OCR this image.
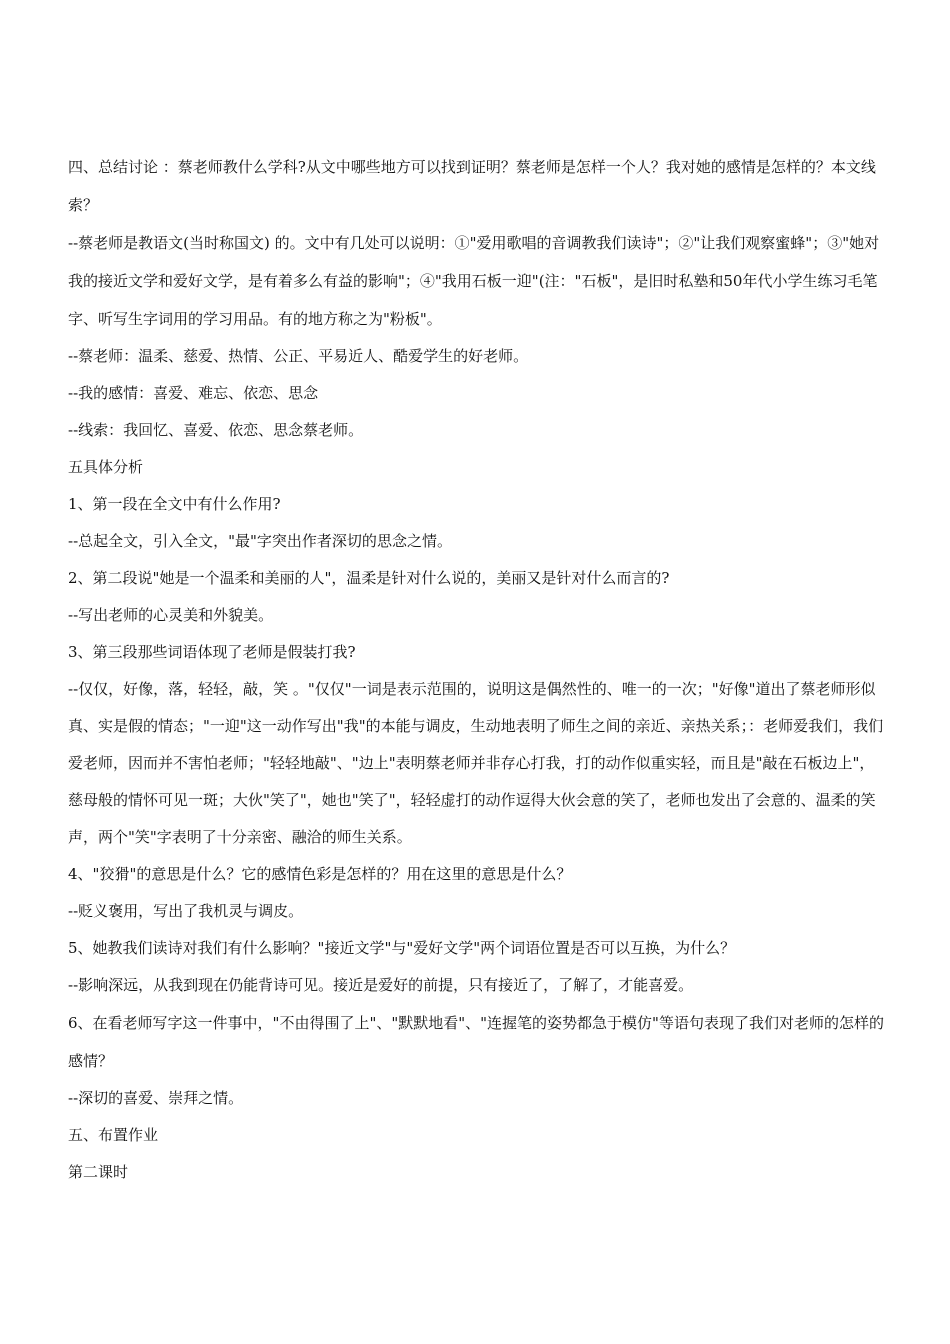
四、总结讨论 ：蔡老师教什么学科?从文中哪些地方可以找到证明？蔡老师是怎样一个人？我对她的感情是怎样的？本文线索？

--蔡老师是教语文(当时称国文) 的。文中有几处可以说明：①"爱用歌唱的音调教我们读诗"；②"让我们观察蜜蜂"；③"她对我的接近文学和爱好文学，是有着多么有益的影响"；④"我用石板一迎"(注："石板"，是旧时私塾和50年代小学生练习毛笔字、听写生字词用的学习用品。有的地方称之为"粉板"。

--蔡老师：温柔、慈爱、热情、公正、平易近人、酷爱学生的好老师。

--我的感情：喜爱、难忘、依恋、思念

--线索：我回忆、喜爱、依恋、思念蔡老师。

五具体分析

1、第一段在全文中有什么作用?

--总起全文，引入全文，"最"字突出作者深切的思念之情。

2、第二段说"她是一个温柔和美丽的人"，温柔是针对什么说的，美丽又是针对什么而言的?

--写出老师的心灵美和外貌美。

3、第三段那些词语体现了老师是假装打我?

--仅仅，好像，落，轻轻，敲，笑 。"仅仅"一词是表示范围的，说明这是偶然性的、唯一的一次；"好像"道出了蔡老师形似真、实是假的情态；"一迎"这一动作写出"我"的本能与调皮，生动地表明了师生之间的亲近、亲热关系；：老师爱我们，我们爱老师，因而并不害怕老师；"轻轻地敲"、"边上"表明蔡老师并非存心打我，打的动作似重实轻，而且是"敲在石板边上"，慈母般的情怀可见一斑；大伙"笑了"，她也"笑了"，轻轻虚打的动作逗得大伙会意的笑了，老师也发出了会意的、温柔的笑声，两个"笑"字表明了十分亲密、融洽的师生关系。

4、"狡猾"的意思是什么？它的感情色彩是怎样的？用在这里的意思是什么？

--贬义褒用，写出了我机灵与调皮。

5、她教我们读诗对我们有什么影响？"接近文学"与"爱好文学"两个词语位置是否可以互换，为什么？

--影响深远，从我到现在仍能背诗可见。接近是爱好的前提，只有接近了，了解了，才能喜爱。

6、在看老师写字这一件事中，"不由得围了上"、"默默地看"、"连握笔的姿势都急于模仿"等语句表现了我们对老师的怎样的感情？

--深切的喜爱、崇拜之情。

五、布置作业

第二课时
